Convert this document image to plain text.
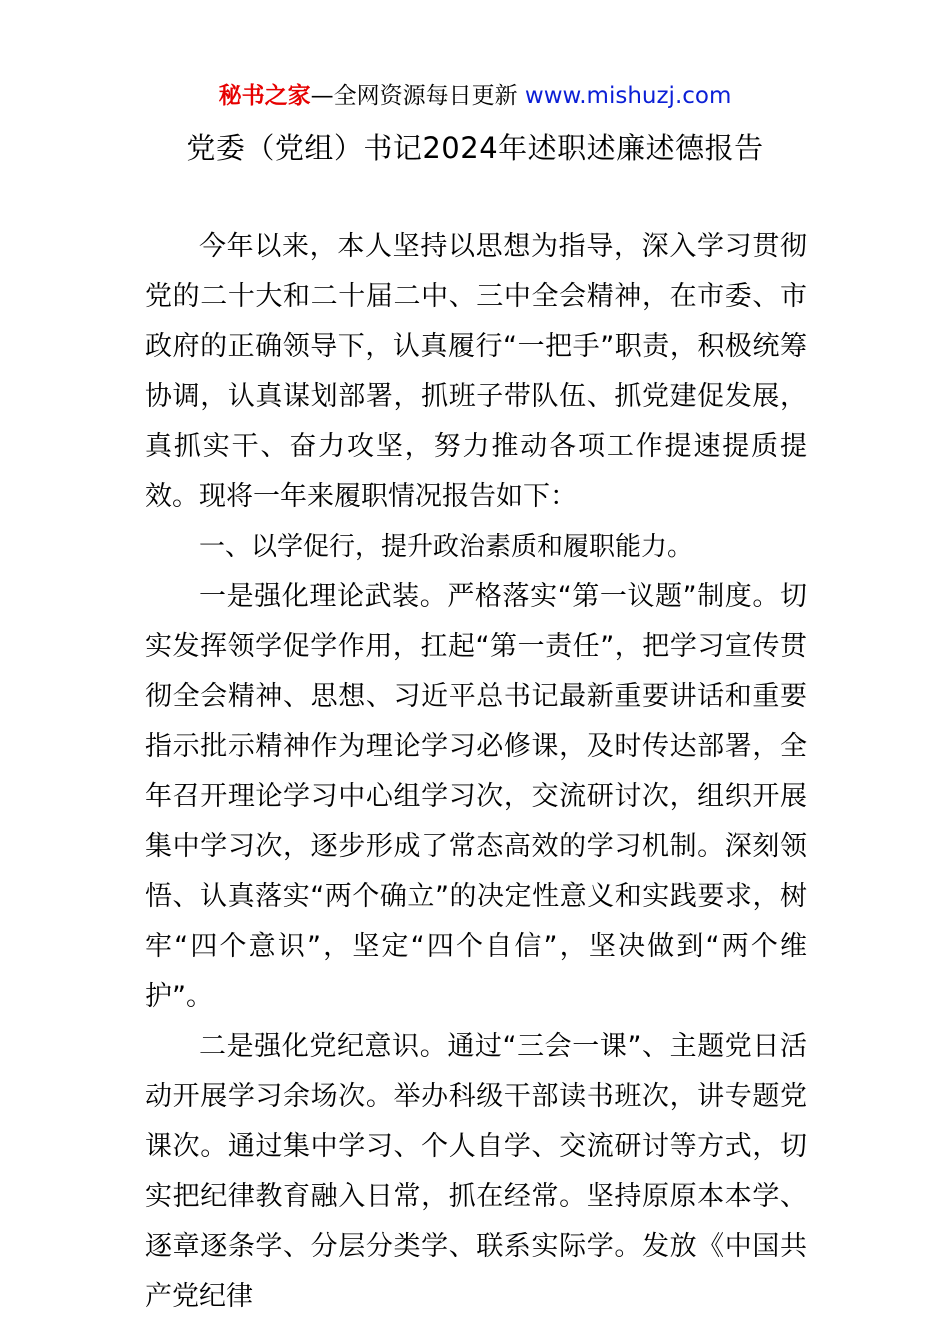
秘书之家—全网资源每日更新 www.mishuzj.com
党委（党组）书记2024年述职述廉述德报告

今年以来，本人坚持以思想为指导，深入学习贯彻党的二十大和二十届二中、三中全会精神，在市委、市政府的正确领导下，认真履行“一把手”职责，积极统筹协调，认真谋划部署，抓班子带队伍、抓党建促发展，真抓实干、奋力攻坚，努力推动各项工作提速提质提效。现将一年来履职情况报告如下：

一、以学促行，提升政治素质和履职能力。

一是强化理论武装。严格落实“第一议题”制度。切实发挥领学促学作用，扛起“第一责任”，把学习宣传贯彻全会精神、思想、习近平总书记最新重要讲话和重要指示批示精神作为理论学习必修课，及时传达部署，全年召开理论学习中心组学习次，交流研讨次，组织开展集中学习次，逐步形成了常态高效的学习机制。深刻领悟、认真落实“两个确立”的决定性意义和实践要求，树牢“四个意识”，坚定“四个自信”，坚决做到“两个维护”。

二是强化党纪意识。通过“三会一课”、主题党日活动开展学习余场次。举办科级干部读书班次，讲专题党课次。通过集中学习、个人自学、交流研讨等方式，切实把纪律教育融入日常，抓在经常。坚持原原本本学、逐章逐条学、分层分类学、联系实际学。发放《中国共产党纪律
